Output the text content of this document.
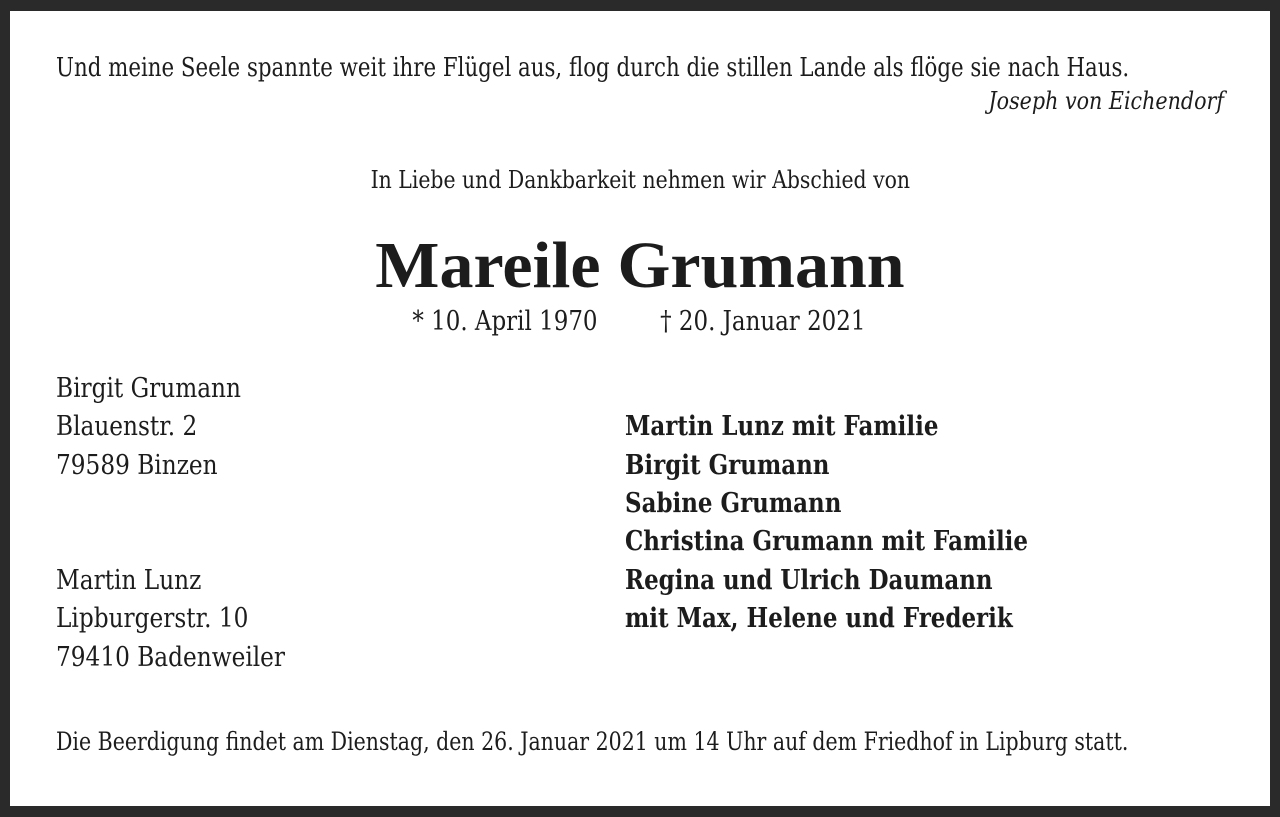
Und meine Seele spannte weit ihre Flügel aus, flog durch die stillen Lande als flöge sie nach Haus.
Joseph von Eichendorf
In Liebe und Dankbarkeit nehmen wir Abschied von
Mareile Grumann
* 10. April 1970 † 20. Januar 2021
Birgit Grumann
Blauenstr. 2
79589 Binzen
Martin Lunz
Lipburgerstr. 10
79410 Badenweiler
Martin Lunz mit Familie
Birgit Grumann
Sabine Grumann
Christina Grumann mit Familie
Regina und Ulrich Daumann
mit Max, Helene und Frederik
Die Beerdigung findet am Dienstag, den 26. Januar 2021 um 14 Uhr auf dem Friedhof in Lipburg statt.
